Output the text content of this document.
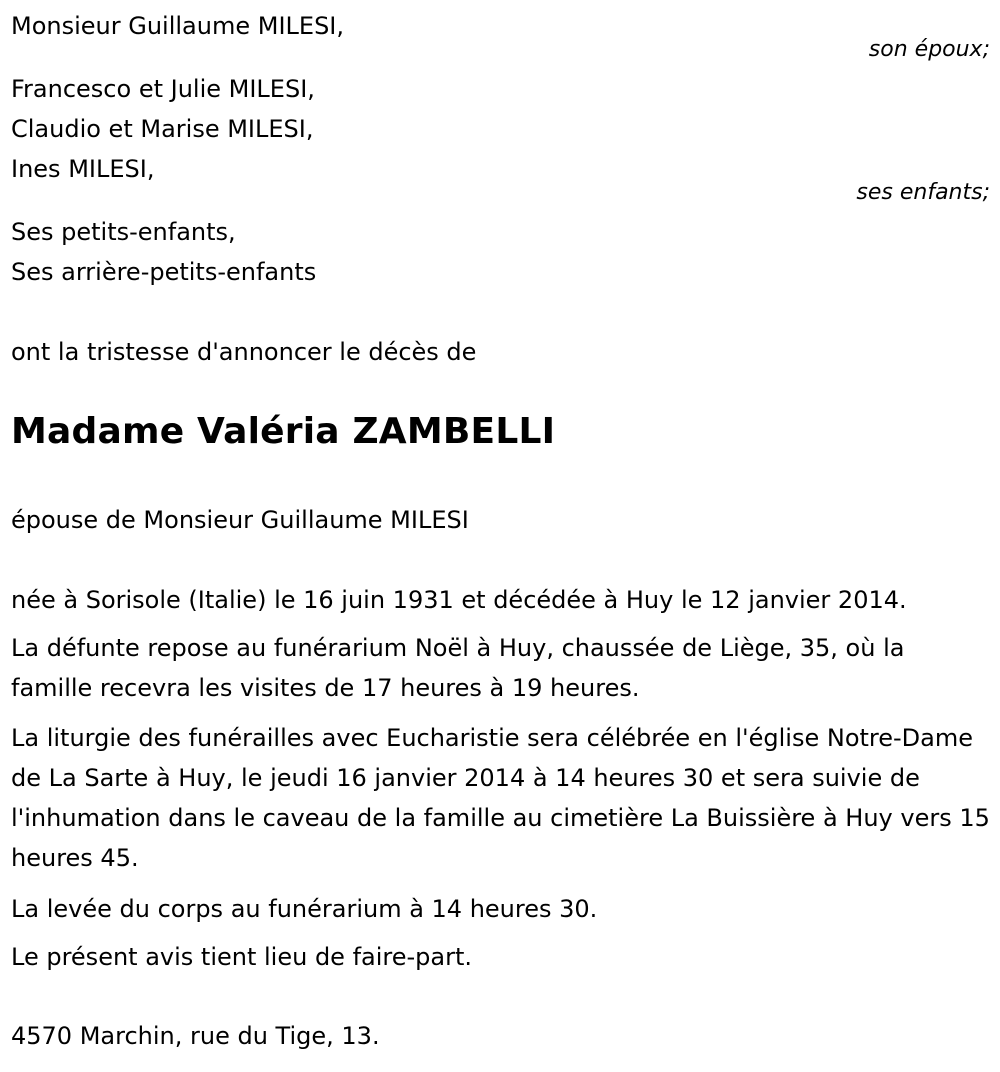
Monsieur Guillaume MILESI,
son époux;
Francesco et Julie MILESI,
Claudio et Marise MILESI,
Ines MILESI,
ses enfants;
Ses petits-enfants,
Ses arrière-petits-enfants
ont la tristesse d'annoncer le décès de
Madame Valéria ZAMBELLI
épouse de Monsieur Guillaume MILESI
née à Sorisole (Italie) le 16 juin 1931 et décédée à Huy le 12 janvier 2014.
La défunte repose au funérarium Noël à Huy, chaussée de Liège, 35, où la famille recevra les visites de 17 heures à 19 heures.
La liturgie des funérailles avec Eucharistie sera célébrée en l'église Notre-Dame de La Sarte à Huy, le jeudi 16 janvier 2014 à 14 heures 30 et sera suivie de l'inhumation dans le caveau de la famille au cimetière La Buissière à Huy vers 15 heures 45.
La levée du corps au funérarium à 14 heures 30.
Le présent avis tient lieu de faire-part.
4570 Marchin, rue du Tige, 13.
